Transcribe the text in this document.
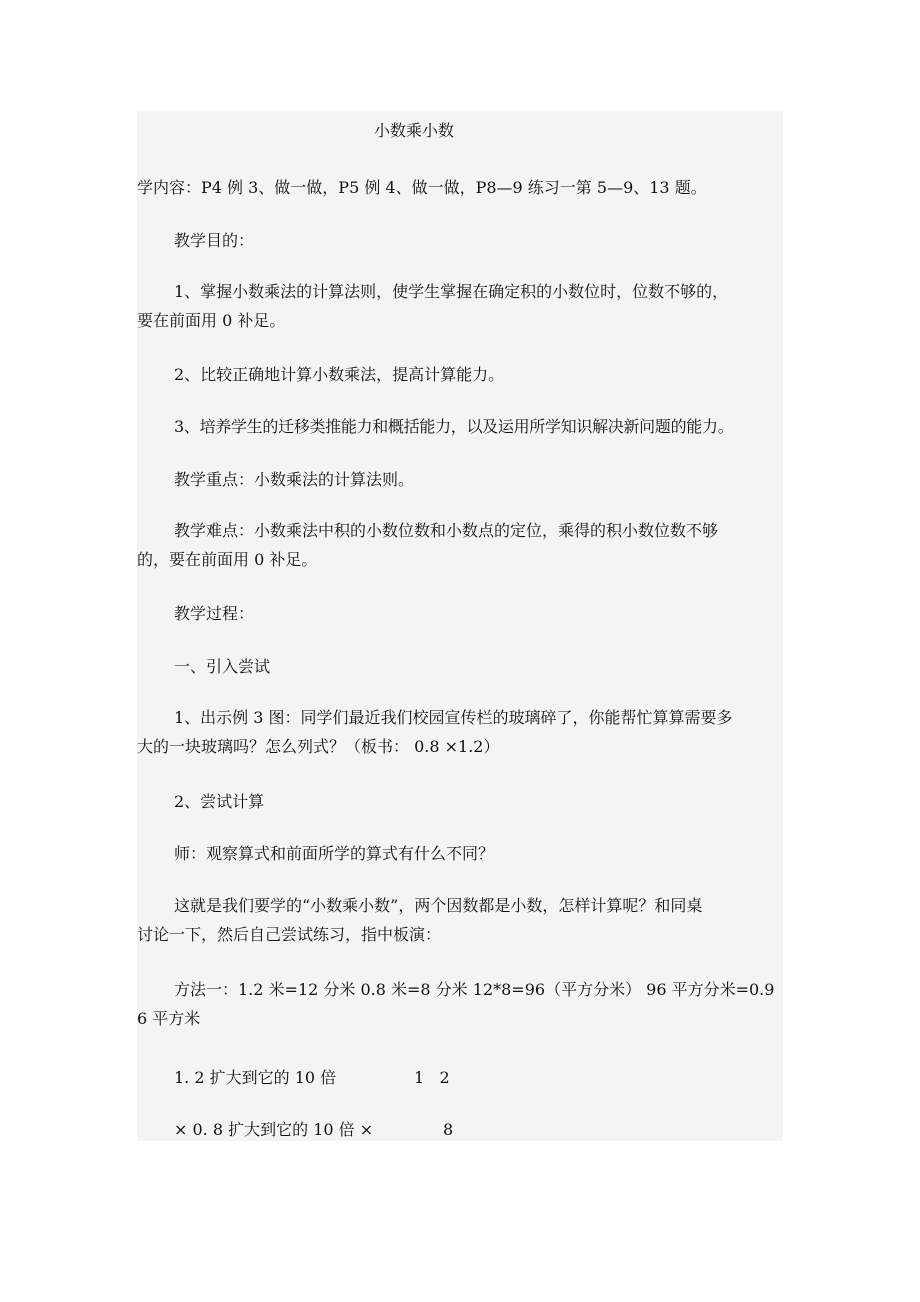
小数乘小数
学内容：P4 例 3、做一做，P5 例 4、做一做，P8—9 练习一第 5—9、13 题。
教学目的：
1、掌握小数乘法的计算法则，使学生掌握在确定积的小数位时，位数不够的，
要在前面用 0 补足。
2、比较正确地计算小数乘法，提高计算能力。
3、培养学生的迁移类推能力和概括能力，以及运用所学知识解决新问题的能力。
教学重点：小数乘法的计算法则。
教学难点：小数乘法中积的小数位数和小数点的定位，乘得的积小数位数不够
的，要在前面用 0 补足。
教学过程：
一、引入尝试
1、出示例 3 图：同学们最近我们校园宣传栏的玻璃碎了，你能帮忙算算需要多
大的一块玻璃吗？怎么列式？（板书： 0.8 ×1.2）
2、尝试计算
师：观察算式和前面所学的算式有什么不同？
这就是我们要学的“小数乘小数”，两个因数都是小数，怎样计算呢？和同桌
讨论一下，然后自己尝试练习，指中板演：
方法一：1.2 米=12 分米 0.8 米=8 分米 12*8=96（平方分米） 96 平方分米=0.9
6 平方米
1. 2 扩大到它的 10 倍	1   2
× 0. 8 扩大到它的 10 倍 ×	8
